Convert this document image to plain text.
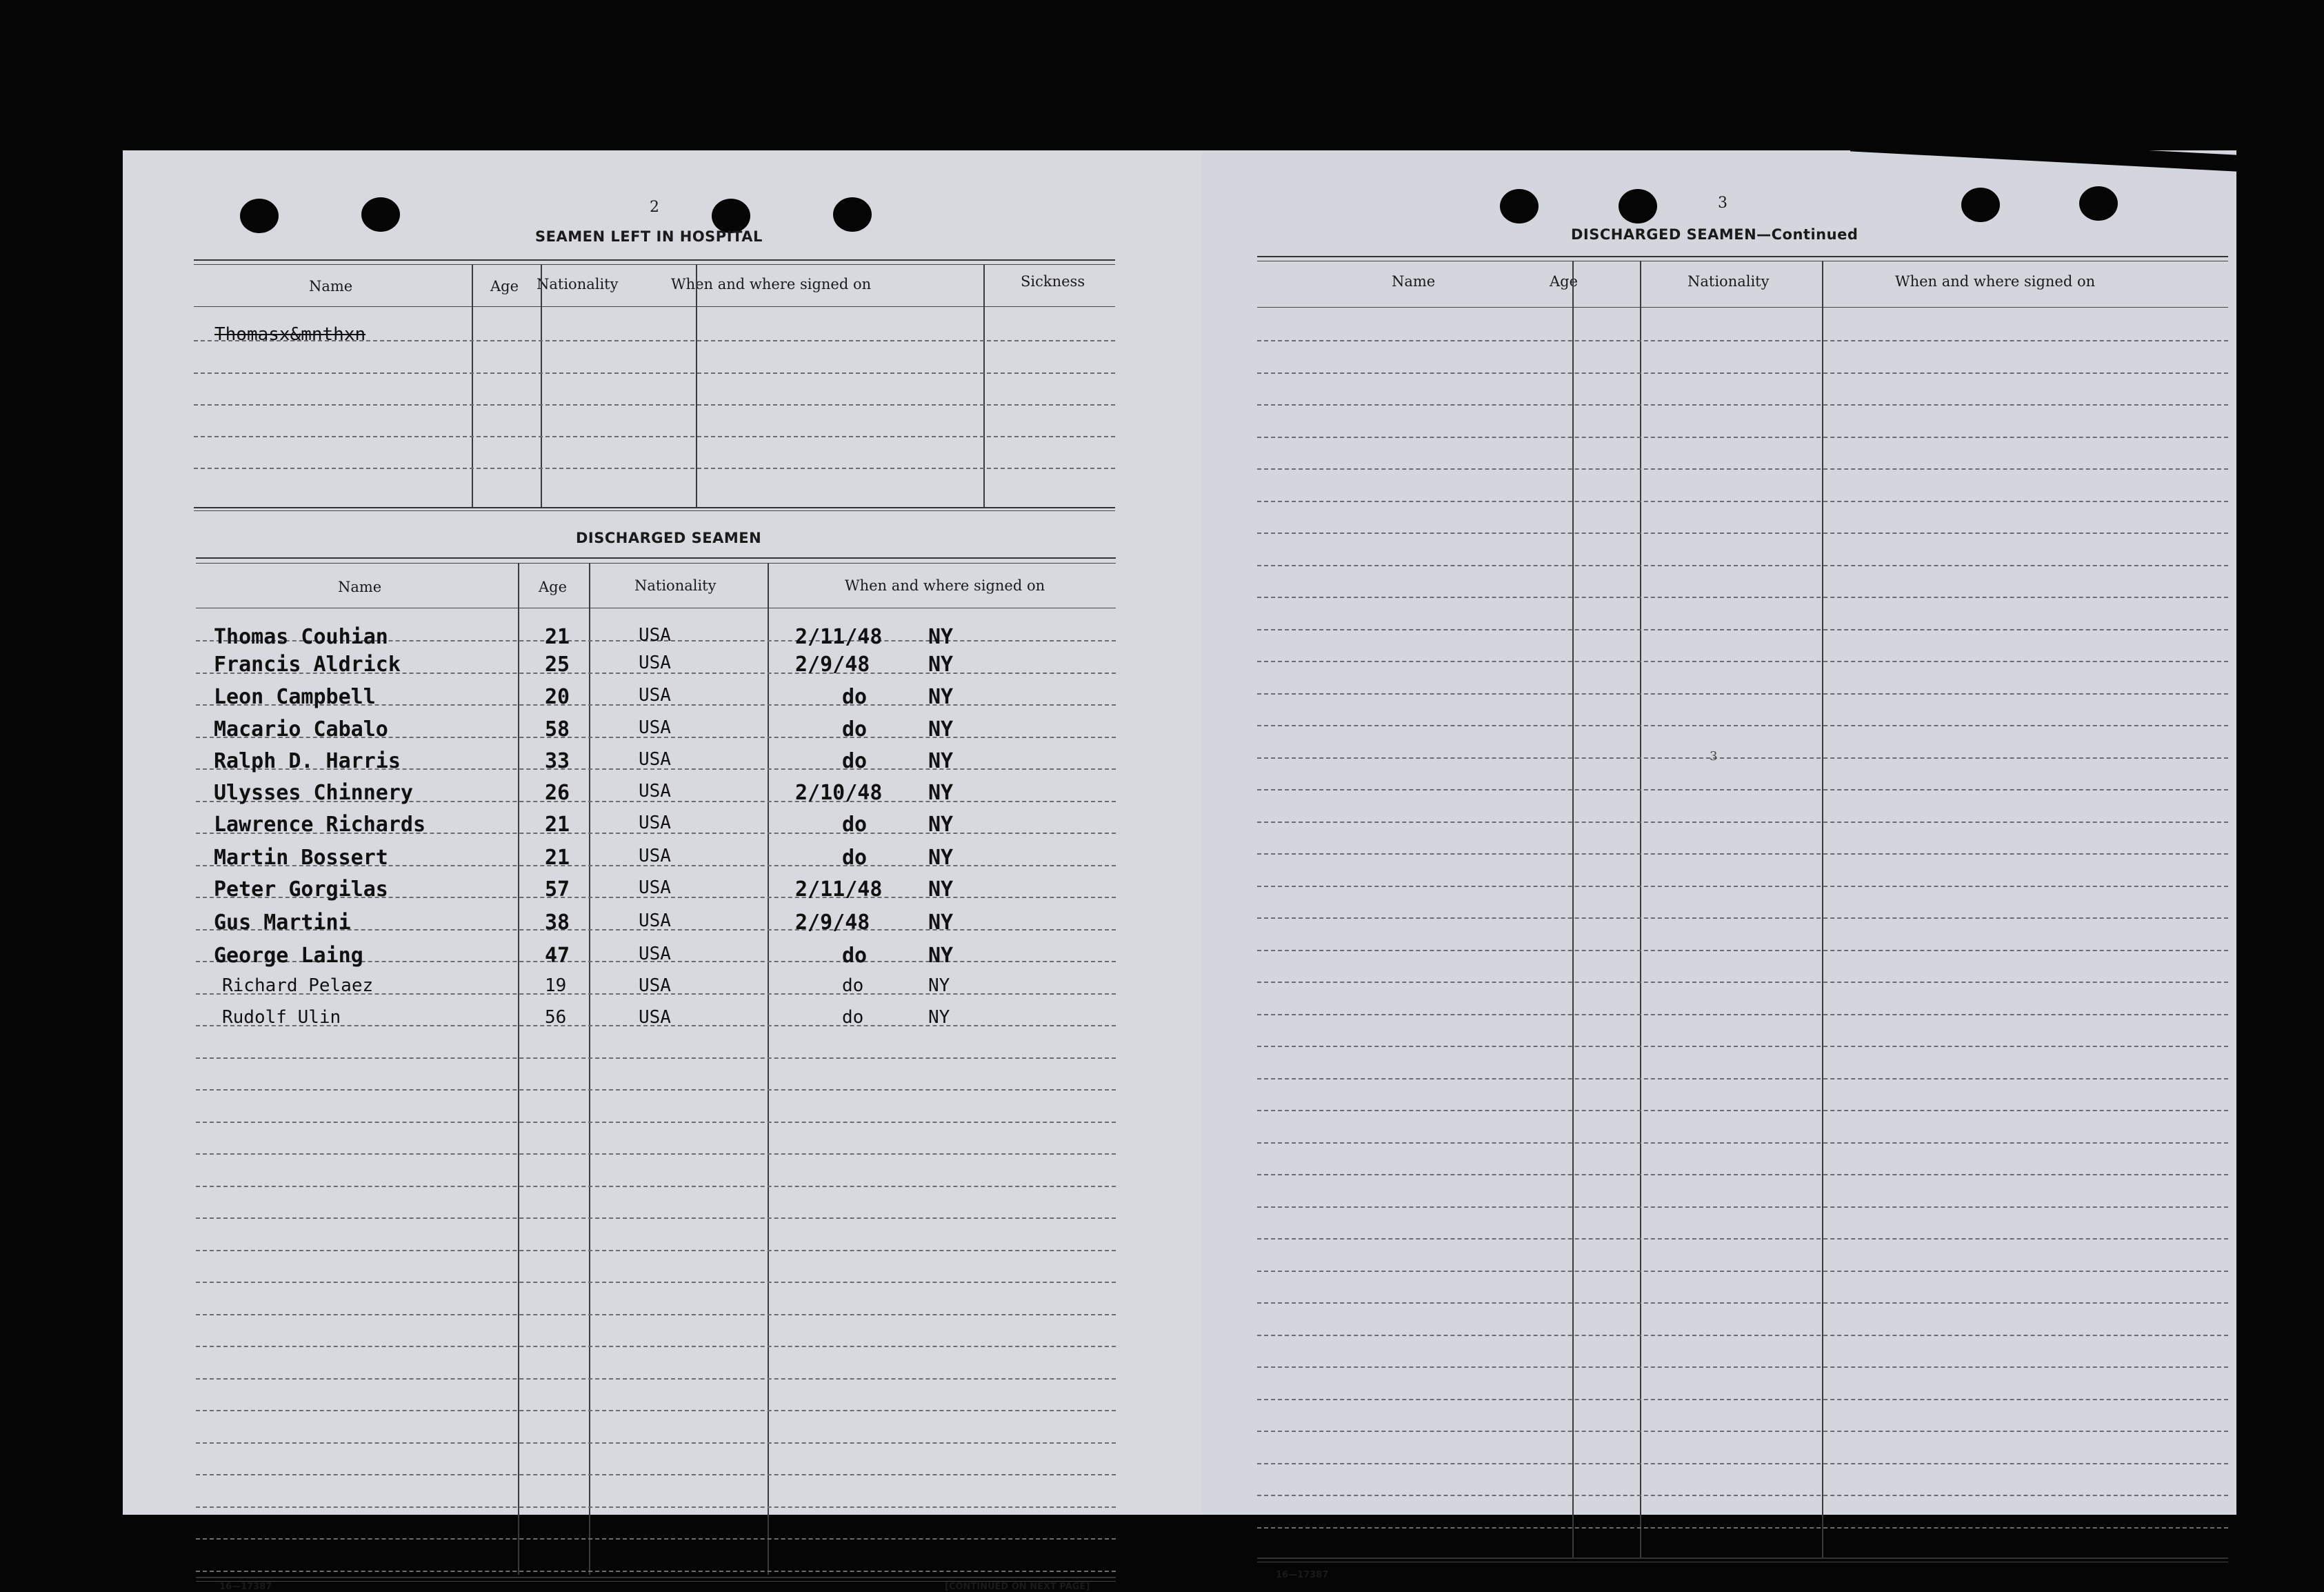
2
SEAMEN LEFT IN HOSPITAL
Name	Age Nationality	When and where signed on	Sickness
Thomasx&mnthxn
DISCHARGED SEAMEN
Name	Age	Nationality	When and where signed on
Thomas Couhian	21	USA	2/11/48 NY
Francis Aldrick	25	USA	2/9/48	NY
Leon Campbell	20	USA	do	NY
Macario Cabalo	58	USA	do	NY
Ralph D. Harris	33	USA	do	NY
Ulysses Chinnery	26	USA	2/10/48 NY
Lawrence Richards	21	USA	do	NY
Martin Bossert	21	USA	do	NY
Peter Gorgilas	57	USA	2/11/48 NY
Gus Martini	38	USA	2/9/48	NY
George Laing	47	USA	do	NY
Richard Pelaez	19	USA	do	NY
Rudolf Ulin	56	USA	do	NY
16—17387	[CONTINUED ON NEXT PAGE]
3
DISCHARGED SEAMEN—Continued
Name	Age	Nationality	When and where signed on
3
16—17387
